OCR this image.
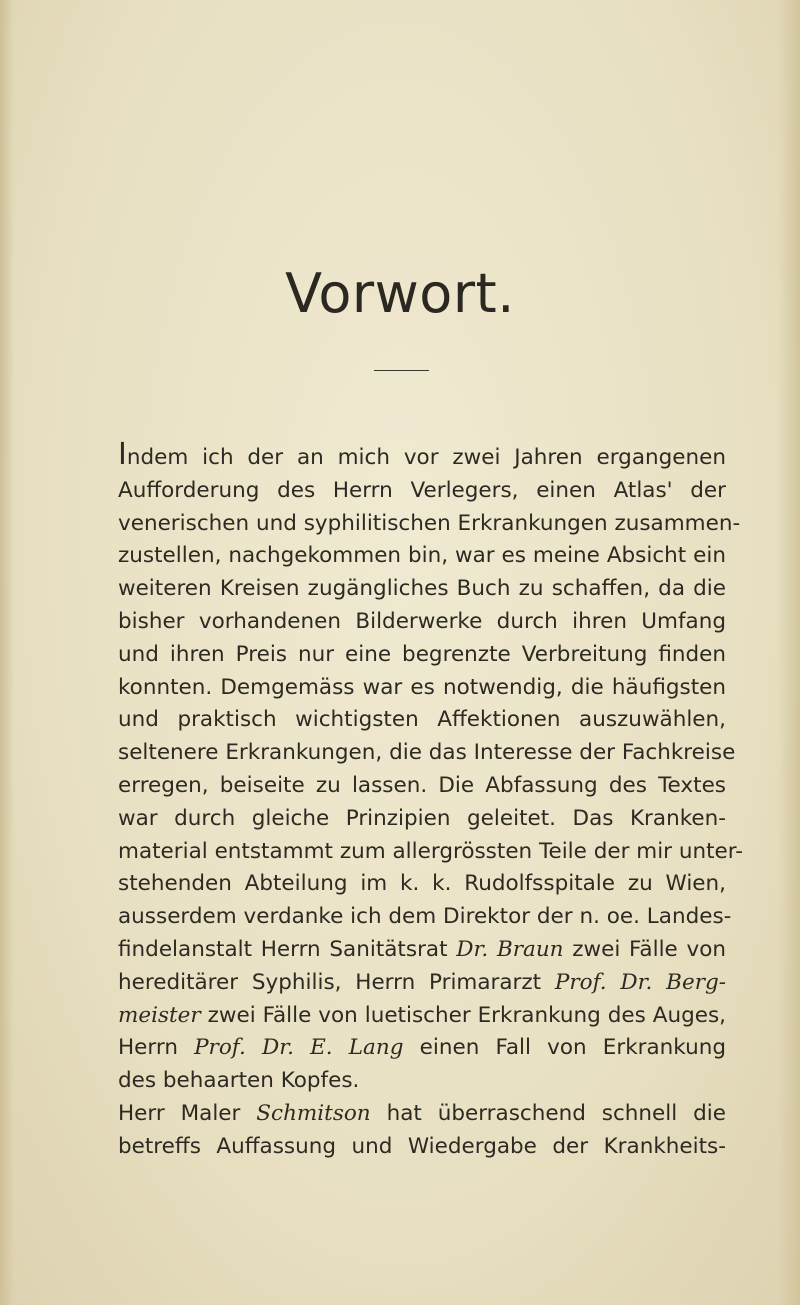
Vorwort.
Indem ich der an mich vor zwei Jahren ergangenen
Aufforderung des Herrn Verlegers, einen Atlas' der
venerischen und syphilitischen Erkrankungen zusammen-
zustellen, nachgekommen bin, war es meine Absicht ein
weiteren Kreisen zugängliches Buch zu schaffen, da die
bisher vorhandenen Bilderwerke durch ihren Umfang
und ihren Preis nur eine begrenzte Verbreitung finden
konnten. Demgemäss war es notwendig, die häufigsten
und praktisch wichtigsten Affektionen auszuwählen,
seltenere Erkrankungen, die das Interesse der Fachkreise
erregen, beiseite zu lassen. Die Abfassung des Textes
war durch gleiche Prinzipien geleitet. Das Kranken-
material entstammt zum allergrössten Teile der mir unter-
stehenden Abteilung im k. k. Rudolfsspitale zu Wien,
ausserdem verdanke ich dem Direktor der n. oe. Landes-
findelanstalt Herrn Sanitätsrat Dr. Braun zwei Fälle von
hereditärer Syphilis, Herrn Primararzt Prof. Dr. Berg-
meister zwei Fälle von luetischer Erkrankung des Auges,
Herrn Prof. Dr. E. Lang einen Fall von Erkrankung
des behaarten Kopfes.
Herr Maler Schmitson hat überraschend schnell die
betreffs Auffassung und Wiedergabe der Krankheits-
